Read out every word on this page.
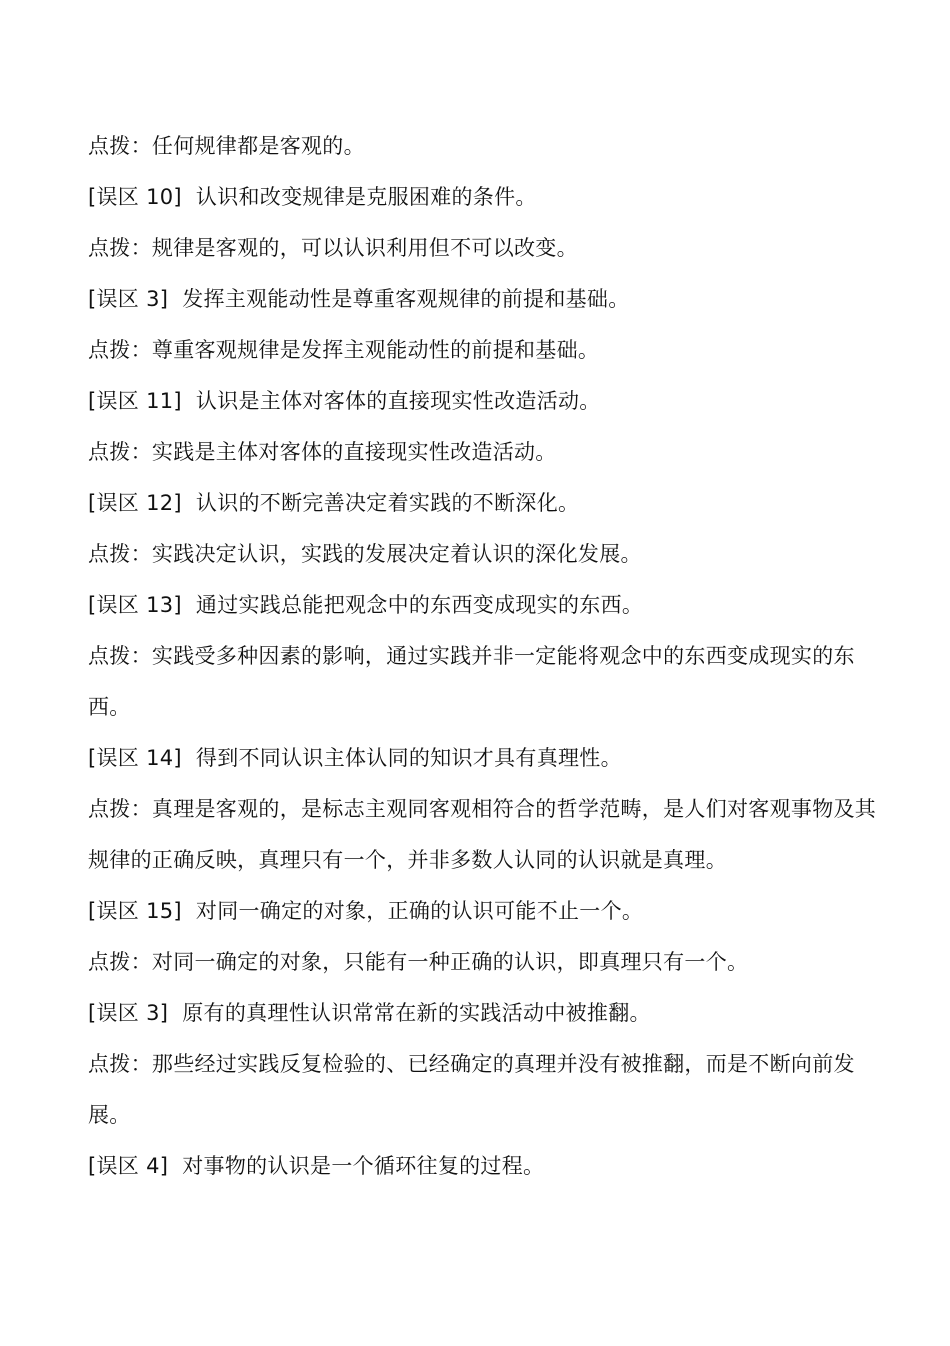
点拨：任何规律都是客观的。

[误区 10] 认识和改变规律是克服困难的条件。

点拨：规律是客观的，可以认识利用但不可以改变。

[误区 3] 发挥主观能动性是尊重客观规律的前提和基础。

点拨：尊重客观规律是发挥主观能动性的前提和基础。

[误区 11] 认识是主体对客体的直接现实性改造活动。

点拨：实践是主体对客体的直接现实性改造活动。

[误区 12] 认识的不断完善决定着实践的不断深化。

点拨：实践决定认识，实践的发展决定着认识的深化发展。

[误区 13] 通过实践总能把观念中的东西变成现实的东西。

点拨：实践受多种因素的影响，通过实践并非一定能将观念中的东西变成现实的东西。

[误区 14] 得到不同认识主体认同的知识才具有真理性。

点拨：真理是客观的，是标志主观同客观相符合的哲学范畴，是人们对客观事物及其规律的正确反映，真理只有一个，并非多数人认同的认识就是真理。

[误区 15] 对同一确定的对象，正确的认识可能不止一个。

点拨：对同一确定的对象，只能有一种正确的认识，即真理只有一个。

[误区 3] 原有的真理性认识常常在新的实践活动中被推翻。

点拨：那些经过实践反复检验的、已经确定的真理并没有被推翻，而是不断向前发展。

[误区 4] 对事物的认识是一个循环往复的过程。
